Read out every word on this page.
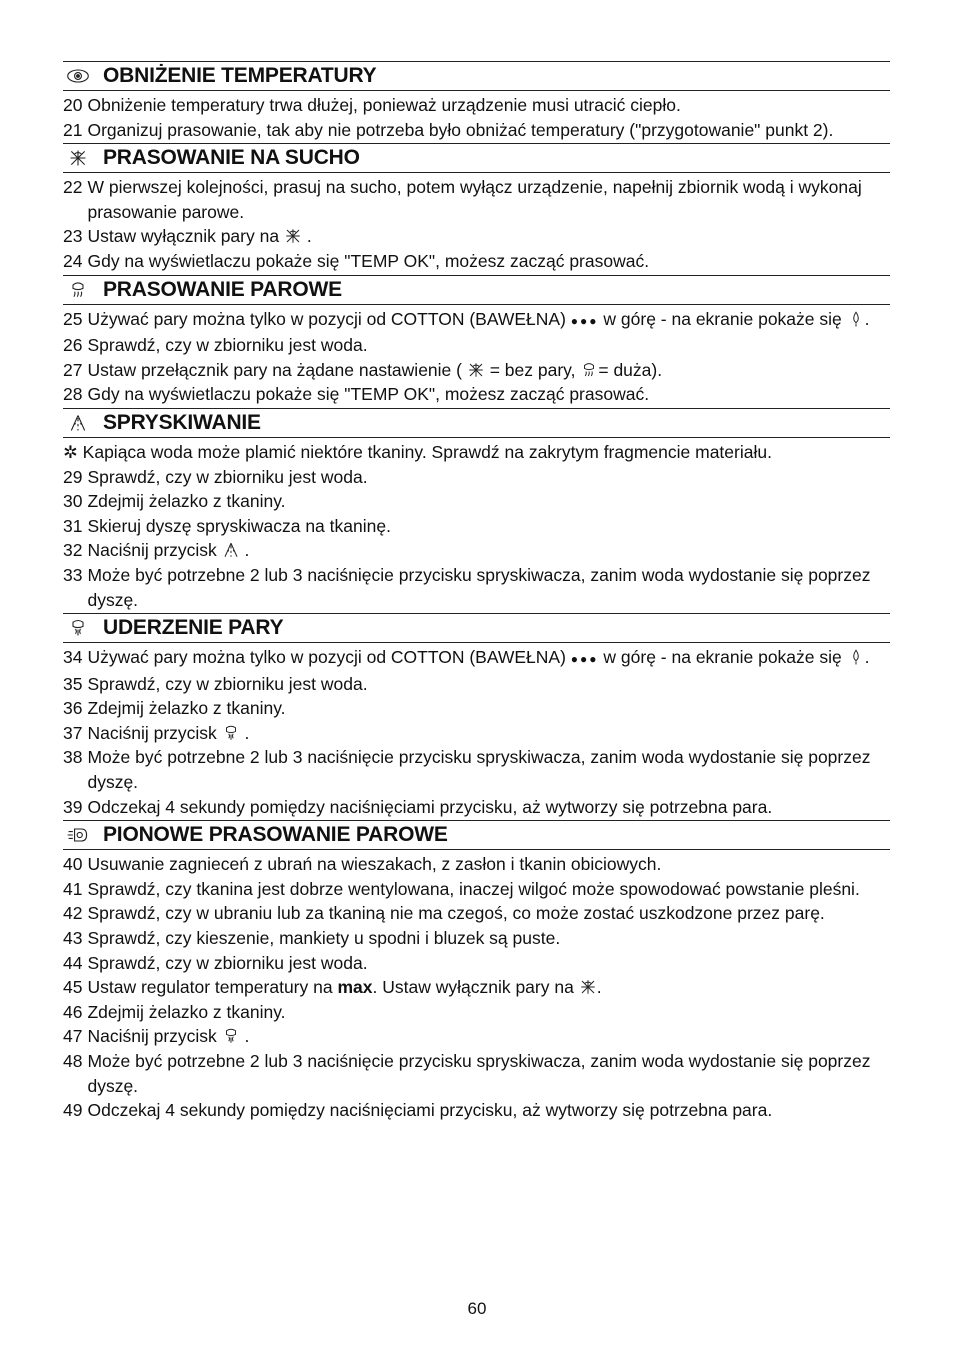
OBNIŻENIE TEMPERATURY
20 Obniżenie temperatury trwa dłużej, ponieważ urządzenie musi utracić ciepło.
21 Organizuj prasowanie, tak aby nie potrzeba było obniżać temperatury ("przygotowanie" punkt 2).
PRASOWANIE NA SUCHO
22 W pierwszej kolejności, prasuj na sucho, potem wyłącz urządzenie, napełnij zbiornik wodą i wykonaj prasowanie parowe.
23 Ustaw wyłącznik pary na .
24 Gdy na wyświetlaczu pokaże się "TEMP OK", możesz zacząć prasować.
PRASOWANIE PAROWE
25 Używać pary można tylko w pozycji od COTTON (BAWEŁNA) ●●● w górę - na ekranie pokaże się .
26 Sprawdź, czy w zbiorniku jest woda.
27 Ustaw przełącznik pary na żądane nastawienie ( = bez pary, = duża).
28 Gdy na wyświetlaczu pokaże się "TEMP OK", możesz zacząć prasować.
SPRYSKIWANIE
✲ Kapiąca woda może plamić niektóre tkaniny. Sprawdź na zakrytym fragmencie materiału.
29 Sprawdź, czy w zbiorniku jest woda.
30 Zdejmij żelazko z tkaniny.
31 Skieruj dyszę spryskiwacza na tkaninę.
32 Naciśnij przycisk .
33 Może być potrzebne 2 lub 3 naciśnięcie przycisku spryskiwacza, zanim woda wydostanie się poprzez dyszę.
UDERZENIE PARY
34 Używać pary można tylko w pozycji od COTTON (BAWEŁNA) ●●● w górę - na ekranie pokaże się .
35 Sprawdź, czy w zbiorniku jest woda.
36 Zdejmij żelazko z tkaniny.
37 Naciśnij przycisk .
38 Może być potrzebne 2 lub 3 naciśnięcie przycisku spryskiwacza, zanim woda wydostanie się poprzez dyszę.
39 Odczekaj 4 sekundy pomiędzy naciśnięciami przycisku, aż wytworzy się potrzebna para.
PIONOWE PRASOWANIE PAROWE
40 Usuwanie zagniec​eń z ubrań na wieszakach, z zasłon i tkanin obiciowych.
41 Sprawdź, czy tkanina jest dobrze wentylowana, inaczej wilgoć może spowodować powstanie pleśni.
42 Sprawdź, czy w ubraniu lub za tkaniną nie ma czegoś, co może zostać uszkodzone przez parę.
43 Sprawdź, czy kieszenie, mankiety u spodni i bluzek są puste.
44 Sprawdź, czy w zbiorniku jest woda.
45 Ustaw regulator temperatury na max. Ustaw wyłącznik pary na .
46 Zdejmij żelazko z tkaniny.
47 Naciśnij przycisk .
48 Może być potrzebne 2 lub 3 naciśnięcie przycisku spryskiwacza, zanim woda wydostanie się poprzez dyszę.
49 Odczekaj 4 sekundy pomiędzy naciśnięciami przycisku, aż wytworzy się potrzebna para.
60
